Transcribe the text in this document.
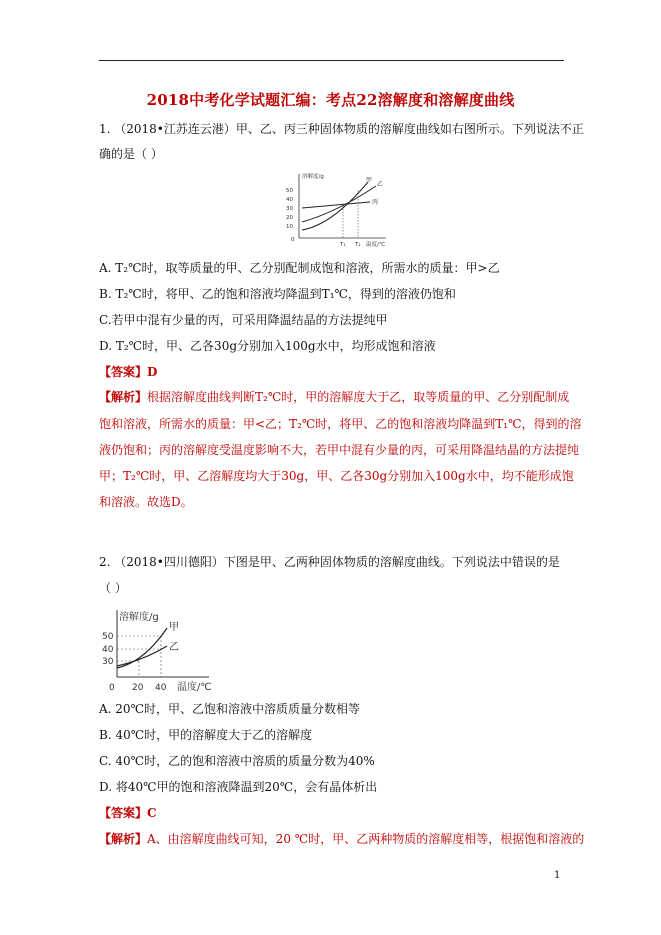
2018中考化学试题汇编：考点22溶解度和溶解度曲线
1. （2018•江苏连云港）甲、乙、丙三种固体物质的溶解度曲线如右图所示。下列说法不正
确的是（ ）
溶解度/g
50
40
30
20
10
0
甲
乙
丙
T₁ T₂ 温度/℃
A. T₂℃时，取等质量的甲、乙分别配制成饱和溶液，所需水的质量：甲>乙
B. T₂℃时，将甲、乙的饱和溶液均降温到T₁℃，得到的溶液仍饱和
C.若甲中混有少量的丙，可采用降温结晶的方法提纯甲
D. T₂℃时，甲、乙各30g分别加入100g水中，均形成饱和溶液
【答案】D
【解析】根据溶解度曲线判断T₂℃时，甲的溶解度大于乙，取等质量的甲、乙分别配制成
饱和溶液，所需水的质量：甲<乙；T₂℃时，将甲、乙的饱和溶液均降温到T₁℃，得到的溶
液仍饱和；丙的溶解度受温度影响不大，若甲中混有少量的丙，可采用降温结晶的方法提纯
甲；T₂℃时，甲、乙溶解度均大于30g，甲、乙各30g分别加入100g水中，均不能形成饱
和溶液。故选D。
2. （2018•四川德阳）下图是甲、乙两种固体物质的溶解度曲线。下列说法中错误的是
（ ）
溶解度/g
50
40
30
甲
乙
0 20 40 温度/℃
A. 20℃时，甲、乙饱和溶液中溶质质量分数相等
B. 40℃时，甲的溶解度大于乙的溶解度
C. 40℃时，乙的饱和溶液中溶质的质量分数为40%
D. 将40℃甲的饱和溶液降温到20℃，会有晶体析出
【答案】C
【解析】A、由溶解度曲线可知，20 ℃时，甲、乙两种物质的溶解度相等，根据饱和溶液的
1
